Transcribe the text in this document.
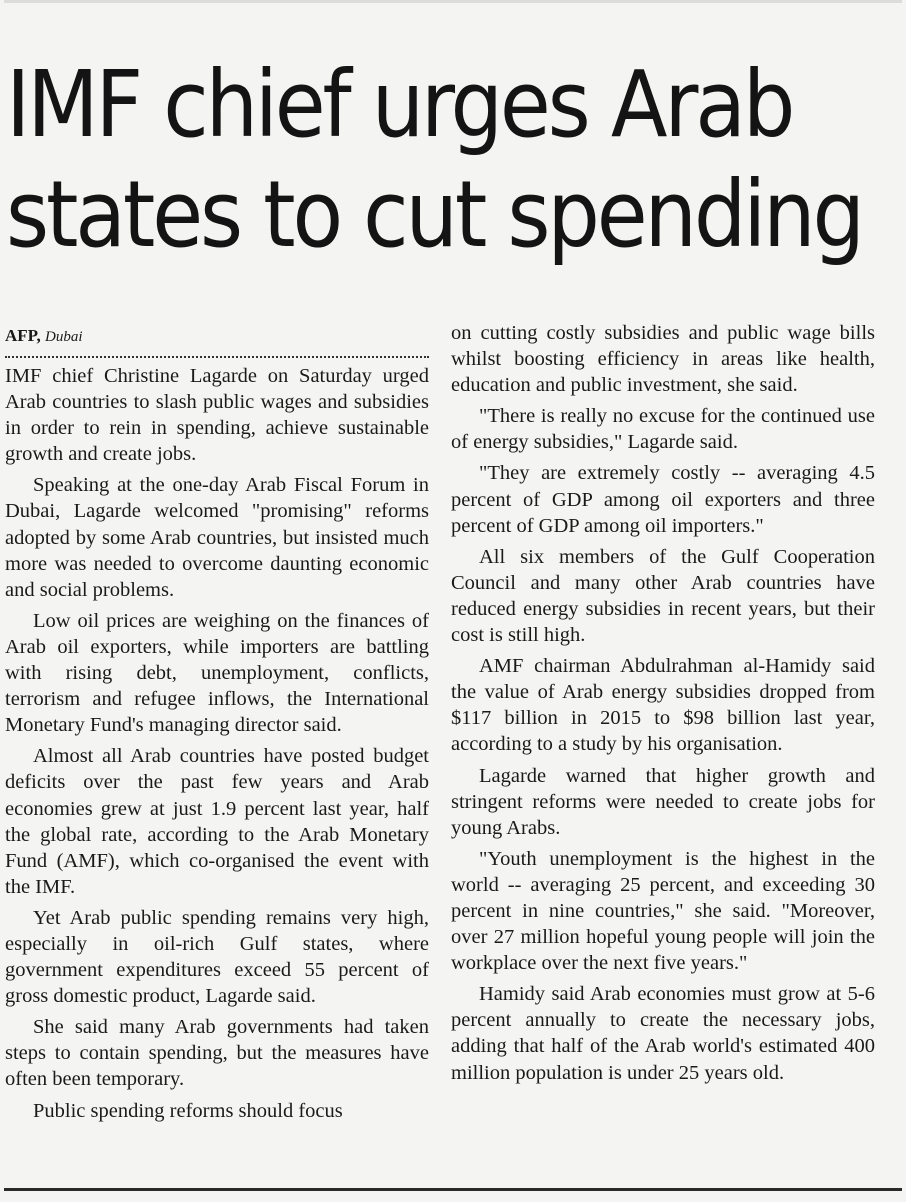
IMF chief urges Arab
states to cut spending
AFP, Dubai

IMF chief Christine Lagarde on Saturday urged Arab countries to slash public wages and subsidies in order to rein in spending, achieve sustainable growth and create jobs.

Speaking at the one-day Arab Fiscal Forum in Dubai, Lagarde welcomed "promising" reforms adopted by some Arab countries, but insisted much more was needed to overcome daunting economic and social problems.

Low oil prices are weighing on the finances of Arab oil exporters, while importers are battling with rising debt, unemployment, conflicts, terrorism and refugee inflows, the International Monetary Fund's managing director said.

Almost all Arab countries have posted budget deficits over the past few years and Arab economies grew at just 1.9 percent last year, half the global rate, according to the Arab Monetary Fund (AMF), which co-organised the event with the IMF.

Yet Arab public spending remains very high, especially in oil-rich Gulf states, where government expenditures exceed 55 percent of gross domestic product, Lagarde said.

She said many Arab governments had taken steps to contain spending, but the measures have often been temporary.

Public spending reforms should focus

on cutting costly subsidies and public wage bills whilst boosting efficiency in areas like health, education and public investment, she said.

"There is really no excuse for the continued use of energy subsidies," Lagarde said.

"They are extremely costly -- averaging 4.5 percent of GDP among oil exporters and three percent of GDP among oil importers."

All six members of the Gulf Cooperation Council and many other Arab countries have reduced energy subsidies in recent years, but their cost is still high.

AMF chairman Abdulrahman al-Hamidy said the value of Arab energy subsidies dropped from $117 billion in 2015 to $98 billion last year, according to a study by his organisation.

Lagarde warned that higher growth and stringent reforms were needed to create jobs for young Arabs.

"Youth unemployment is the highest in the world -- averaging 25 percent, and exceeding 30 percent in nine countries," she said. "Moreover, over 27 million hopeful young people will join the workplace over the next five years."

Hamidy said Arab economies must grow at 5-6 percent annually to create the necessary jobs, adding that half of the Arab world's estimated 400 million population is under 25 years old.
